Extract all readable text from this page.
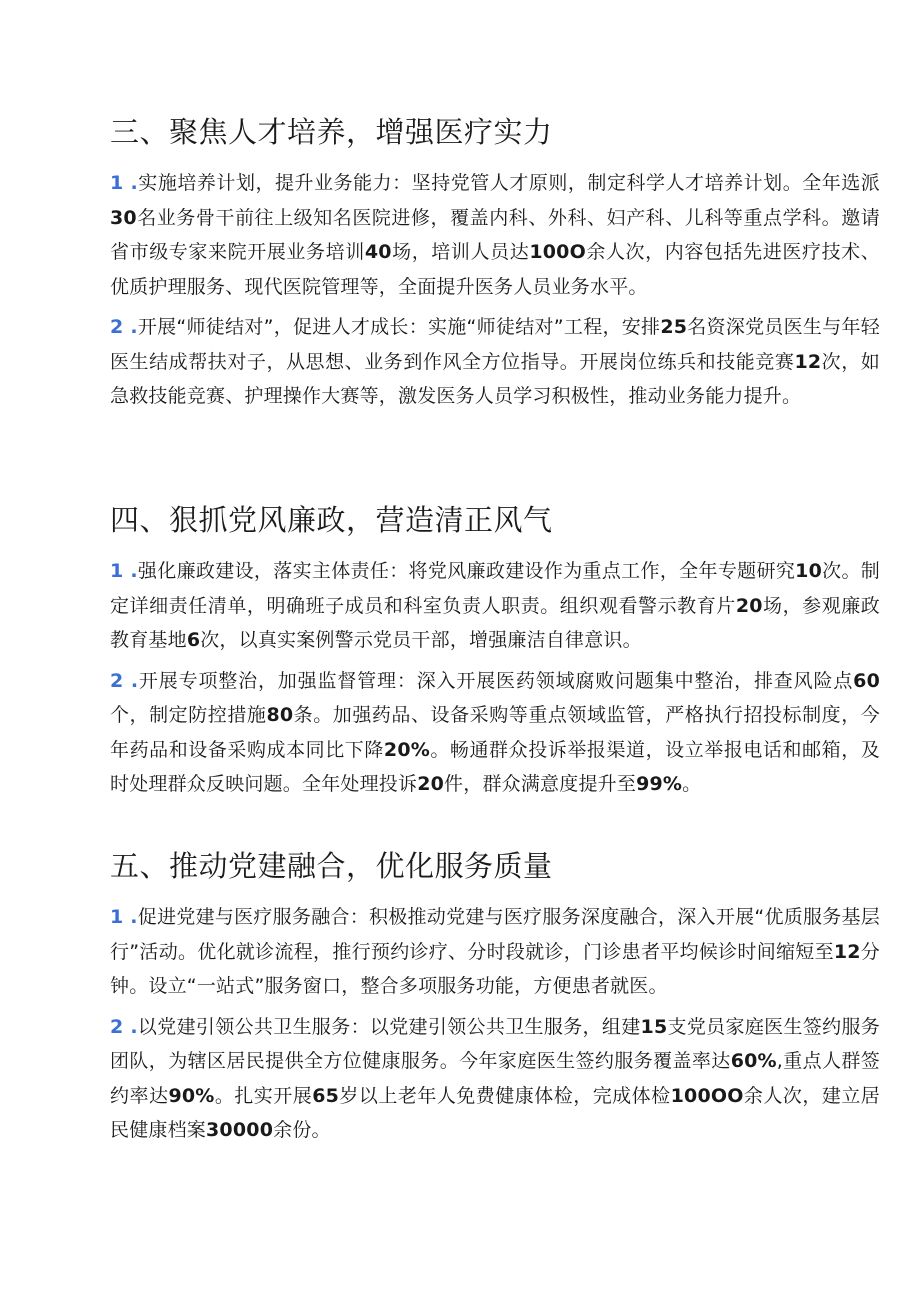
三、聚焦人才培养，增强医疗实力
1 .实施培养计划，提升业务能力：坚持党管人才原则，制定科学人才培养计划。全年选派30名业务骨干前往上级知名医院进修，覆盖内科、外科、妇产科、儿科等重点学科。邀请省市级专家来院开展业务培训40场，培训人员达100O余人次，内容包括先进医疗技术、优质护理服务、现代医院管理等，全面提升医务人员业务水平。
2 .开展“师徒结对”，促进人才成长：实施“师徒结对”工程，安排25名资深党员医生与年轻医生结成帮扶对子，从思想、业务到作风全方位指导。开展岗位练兵和技能竞赛12次，如急救技能竞赛、护理操作大赛等，激发医务人员学习积极性，推动业务能力提升。
四、狠抓党风廉政，营造清正风气
1 .强化廉政建设，落实主体责任：将党风廉政建设作为重点工作，全年专题研究10次。制定详细责任清单，明确班子成员和科室负责人职责。组织观看警示教育片20场，参观廉政教育基地6次，以真实案例警示党员干部，增强廉洁自律意识。
2 .开展专项整治，加强监督管理：深入开展医药领域腐败问题集中整治，排查风险点60个，制定防控措施80条。加强药品、设备采购等重点领域监管，严格执行招投标制度，今年药品和设备采购成本同比下降20%。畅通群众投诉举报渠道，设立举报电话和邮箱，及时处理群众反映问题。全年处理投诉20件，群众满意度提升至99%。
五、推动党建融合，优化服务质量
1 .促进党建与医疗服务融合：积极推动党建与医疗服务深度融合，深入开展“优质服务基层行”活动。优化就诊流程，推行预约诊疗、分时段就诊，门诊患者平均候诊时间缩短至12分钟。设立“一站式”服务窗口，整合多项服务功能，方便患者就医。
2 .以党建引领公共卫生服务：以党建引领公共卫生服务，组建15支党员家庭医生签约服务团队，为辖区居民提供全方位健康服务。今年家庭医生签约服务覆盖率达60%,重点人群签约率达90%。扎实开展65岁以上老年人免费健康体检，完成体检100OO余人次，建立居民健康档案30000余份。
